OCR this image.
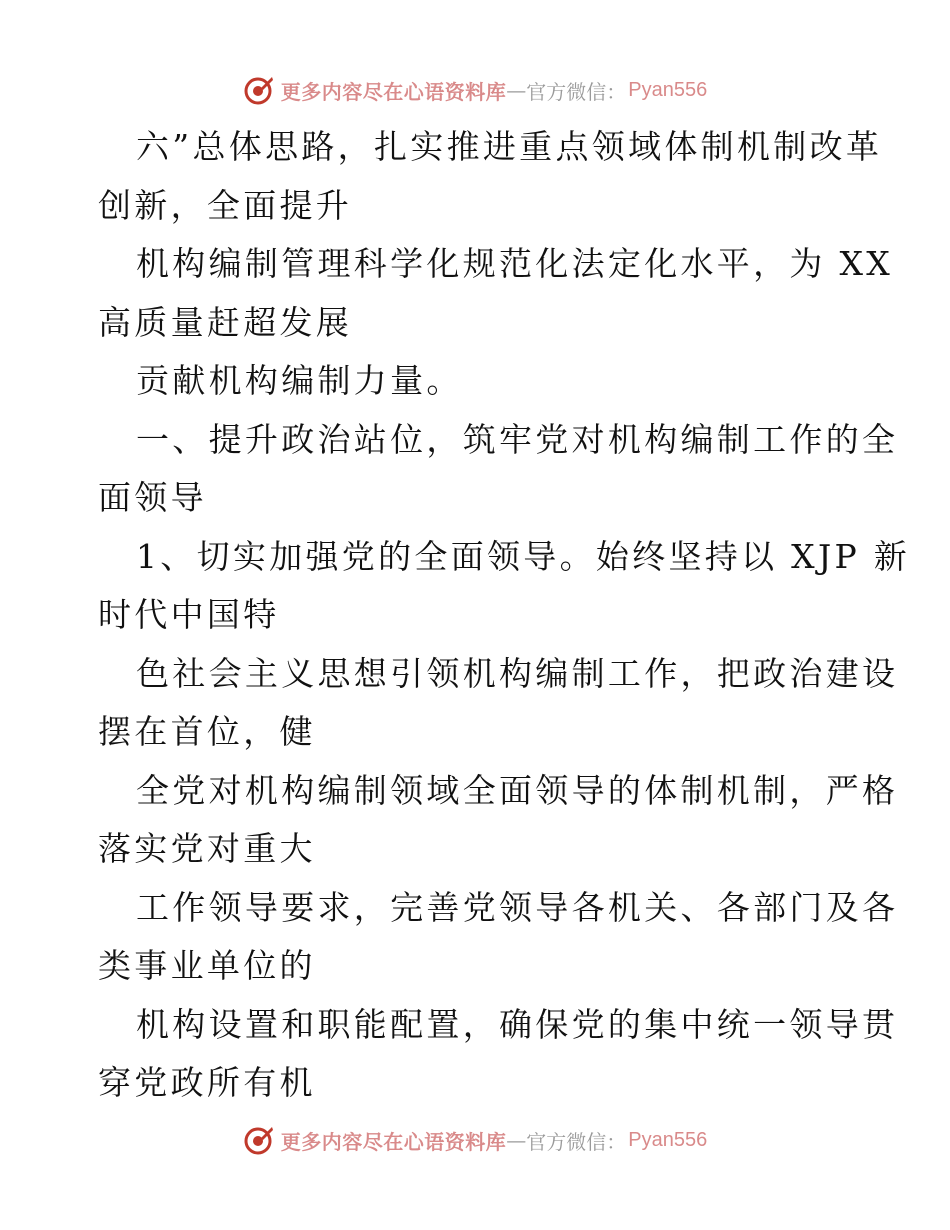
更多内容尽在心语资料库 — 官方微信： Pyan556
六”总体思路，扎实推进重点领域体制机制改革
创新，全面提升
机构编制管理科学化规范化法定化水平，为 XX
高质量赶超发展
贡献机构编制力量。
一、提升政治站位，筑牢党对机构编制工作的全
面领导
1、切实加强党的全面领导。始终坚持以 XJP 新
时代中国特
色社会主义思想引领机构编制工作，把政治建设
摆在首位，健
全党对机构编制领域全面领导的体制机制，严格
落实党对重大
工作领导要求，完善党领导各机关、各部门及各
类事业单位的
机构设置和职能配置，确保党的集中统一领导贯
穿党政所有机
更多内容尽在心语资料库 — 官方微信： Pyan556
